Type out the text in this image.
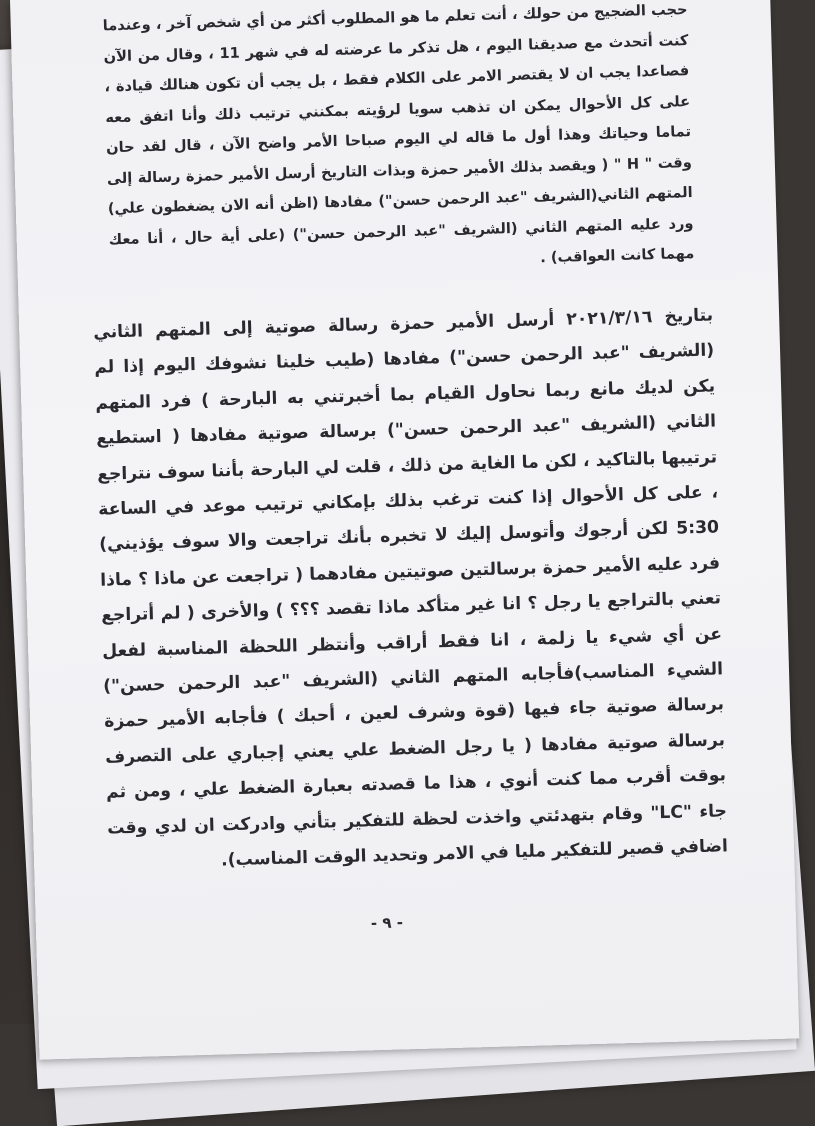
حجب الضجيج من حولك ، أنت تعلم ما هو المطلوب أكثر من أي شخص آخر ، وعندما كنت أتحدث مع صديقنا اليوم ، هل تذكر ما عرضته له في شهر 11 ، وقال من الآن فصاعدا يجب ان لا يقتصر الامر على الكلام فقط ، بل يجب أن تكون هنالك قيادة ، على كل الأحوال يمكن ان تذهب سويا لرؤيته بمكنني ترتيب ذلك وأنا اتفق معه تماما وحياتك وهذا أول ما قاله لي اليوم صباحا الأمر واضح الآن ، قال لقد حان وقت " H " ( ويقصد بذلك الأمير حمزة وبذات التاريخ أرسل الأمير حمزة رسالة إلى المتهم الثاني(الشريف "عبد الرحمن حسن") مفادها (اظن أنه الان يضغطون علي) ورد عليه المتهم الثاني (الشريف "عبد الرحمن حسن") (على أية حال ، أنا معك مهما كانت العواقب) .
بتاريخ ٢٠٢١/٣/١٦ أرسل الأمير حمزة رسالة صوتية إلى المتهم الثاني (الشريف "عبد الرحمن حسن") مفادها (طيب خلينا نشوفك اليوم إذا لم يكن لديك مانع ربما نحاول القيام بما أخبرتني به البارحة ) فرد المتهم الثاني (الشريف "عبد الرحمن حسن") برسالة صوتية مفادها ( استطيع ترتيبها بالتاكيد ، لكن ما الغاية من ذلك ، قلت لي البارحة بأننا سوف نتراجع ، على كل الأحوال إذا كنت ترغب بذلك بإمكاني ترتيب موعد في الساعة 5:30 لكن أرجوك وأتوسل إليك لا تخبره بأنك تراجعت والا سوف يؤذيني) فرد عليه الأمير حمزة برسالتين صوتيتين مفادهما ( تراجعت عن ماذا ؟ ماذا تعني بالتراجع يا رجل ؟ انا غير متأكد ماذا تقصد ؟؟؟ ) والأخرى ( لم أتراجع عن أي شيء يا زلمة ، انا فقط أراقب وأنتظر اللحظة المناسبة لفعل الشيء المناسب)فأجابه المتهم الثاني (الشريف "عبد الرحمن حسن") برسالة صوتية جاء فيها (قوة وشرف لعين ، أحبك ) فأجابه الأمير حمزة برسالة صوتية مفادها ( يا رجل الضغط علي يعني إجباري على التصرف بوقت أقرب مما كنت أنوي ، هذا ما قصدته بعبارة الضغط علي ، ومن ثم جاء "LC" وقام بتهدئتي واخذت لحظة للتفكير بتأني وادركت ان لدي وقت اضافي قصير للتفكير مليا في الامر وتحديد الوقت المناسب).
- ٩ -
